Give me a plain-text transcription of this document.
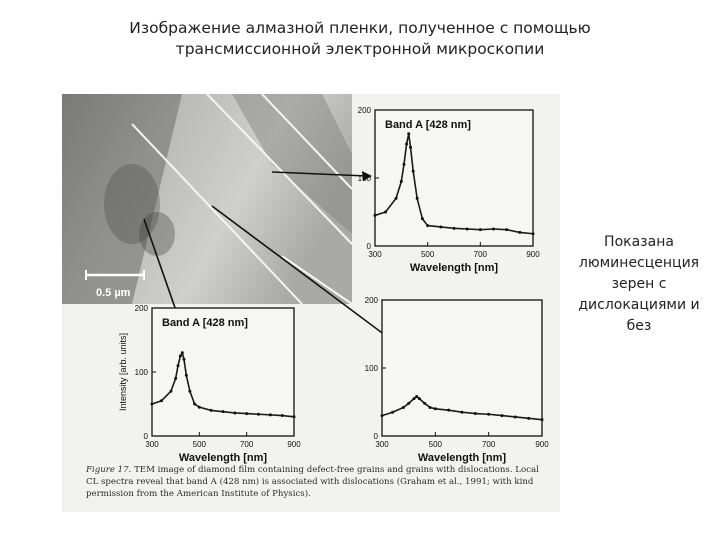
Изображение алмазной пленки, полученное с помощью
трансмиссионной электронной микроскопии
0.5 µm
300	500	700	900
0
100
200
Band A [428 nm]
Wavelength [nm]
300	500	700	900
0
100
200
Band A [428 nm]
Wavelength [nm]
Intensity [arb. units]
300	500	700	900
0
100
200
Wavelength [nm]
Figure 17. TEM image of diamond film containing defect-free grains and grains with dislocations. Local
CL spectra reveal that band A (428 nm) is associated with dislocations (Graham et al., 1991; with kind
permission from the American Institute of Physics).
Показана
люминесценция
зерен с
дислокациями и
без
